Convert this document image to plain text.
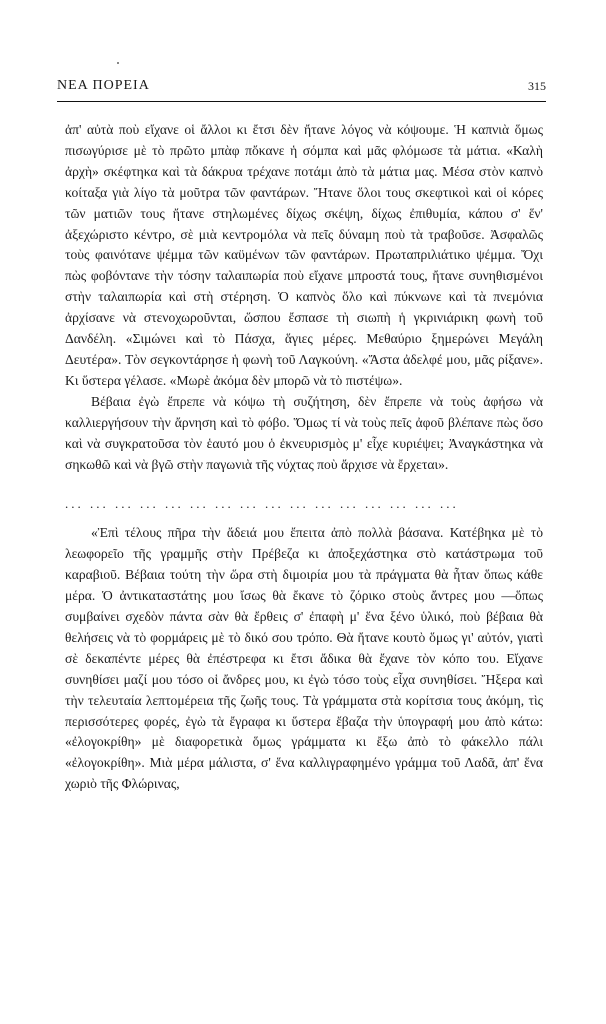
ΝΕΑ ΠΟΡΕΙΑ	315

ἀπ' αὐτὰ ποὺ εἴχανε οἱ ἄλλοι κι ἔτσι δὲν ἤτανε λόγος νὰ κόψουμε. Ἡ καπνιὰ ὅμως πισωγύρισε μὲ τὸ πρῶτο μπὰφ πὄκανε ἡ σόμπα καὶ μᾶς φλόμωσε τὰ μάτια. «Καλὴ ἀρχὴ» σκέφτηκα καὶ τὰ δάκρυα τρέχανε ποτάμι ἀπὸ τὰ μάτια μας. Μέσα στὸν καπνὸ κοίταξα γιὰ λίγο τὰ μοῦτρα τῶν φαντάρων. Ἤτανε ὅλοι τους σκεφτικοὶ καὶ οἱ κόρες τῶν ματιῶν τους ἤτανε στηλωμένες δίχως σκέψη, δίχως ἐπιθυμία, κάπου σ' ἕν' ἀξεχώριστο κέντρο, σὲ μιὰ κεντρομόλα νὰ πεῖς δύναμη ποὺ τὰ τραβοῦσε. Ἀσφαλῶς τοὺς φαινότανε ψέμμα τῶν καϋμένων τῶν φαντάρων. Πρωταπριλιάτικο ψέμμα. Ὄχι πὼς φοβόντανε τὴν τόσην ταλαιπωρία ποὺ εἴχανε μπροστά τους, ἤτανε συνηθισμένοι στὴν ταλαιπωρία καὶ στὴ στέρηση. Ὁ καπνὸς ὅλο καὶ πύκνωνε καὶ τὰ πνεμόνια ἀρχίσανε νὰ στενοχωροῦνται, ὥσπου ἔσπασε τὴ σιωπὴ ἡ γκρινιάρικη φωνὴ τοῦ Δανδέλη. «Σιμώνει καὶ τὸ Πάσχα, ἅγιες μέρες. Μεθαύριο ξημερώνει Μεγάλη Δευτέρα». Τὸν σεγκοντάρησε ἡ φωνὴ τοῦ Λαγκούνη. «Ἄστα ἀδελφέ μου, μᾶς ρίξανε». Κι ὕστερα γέλασε. «Μωρὲ ἀκόμα δὲν μπορῶ νὰ τὸ πιστέψω».

Βέβαια ἐγὼ ἔπρεπε νὰ κόψω τὴ συζήτηση, δὲν ἔπρεπε νὰ τοὺς ἀφήσω νὰ καλλιεργήσουν τὴν ἄρνηση καὶ τὸ φόβο. Ὅμως τί νὰ τοὺς πεῖς ἀφοῦ βλέπανε πὼς ὅσο καὶ νὰ συγκρατοῦσα τὸν ἑαυτό μου ὁ ἐκνευρισμὸς μ' εἶχε κυριέψει; Ἀναγκάστηκα νὰ σηκωθῶ καὶ νὰ βγῶ στὴν παγωνιὰ τῆς νύχτας ποὺ ἄρχισε νὰ ἔρχεται».

... ... ... ... ... ... ... ... ... ... ... ... ... ... ... ...

«Ἐπὶ τέλους πῆρα τὴν ἄδειά μου ἔπειτα ἀπὸ πολλὰ βάσανα. Κατέβηκα μὲ τὸ λεωφορεῖο τῆς γραμμῆς στὴν Πρέβεζα κι ἀποξεχάστηκα στὸ κατάστρωμα τοῦ καραβιοῦ. Βέβαια τούτη τὴν ὥρα στὴ διμοιρία μου τὰ πράγματα θὰ ἦταν ὅπως κάθε μέρα. Ὁ ἀντικαταστάτης μου ἴσως θὰ ἔκανε τὸ ζόρικο στοὺς ἄντρες μου —ὅπως συμβαίνει σχεδὸν πάντα σὰν θὰ ἔρθεις σ' ἐπαφὴ μ' ἕνα ξένο ὑλικό, ποὺ βέβαια θὰ θελήσεις νὰ τὸ φορμάρεις μὲ τὸ δικό σου τρόπο. Θὰ ἤτανε κουτὸ ὅμως γι' αὐτόν, γιατὶ σὲ δεκαπέντε μέρες θὰ ἐπέστρεφα κι ἔτσι ἄδικα θὰ ἔχανε τὸν κόπο του. Εἴχανε συνηθίσει μαζί μου τόσο οἱ ἄνδρες μου, κι ἐγὼ τόσο τοὺς εἶχα συνηθίσει. Ἤξερα καὶ τὴν τελευταία λεπτομέρεια τῆς ζωῆς τους. Τὰ γράμματα στὰ κορίτσια τους ἀκόμη, τὶς περισσότερες φορές, ἐγὼ τὰ ἔγραφα κι ὕστερα ἔβαζα τὴν ὑπογραφή μου ἀπὸ κάτω: «ἐλογοκρίθη» μὲ διαφορετικὰ ὅμως γράμματα κι ἔξω ἀπὸ τὸ φάκελλο πάλι «ἐλογοκρίθη». Μιὰ μέρα μάλιστα, σ' ἕνα καλλιγραφημένο γράμμα τοῦ Λαδᾶ, ἀπ' ἕνα χωριὸ τῆς Φλώρινας,
